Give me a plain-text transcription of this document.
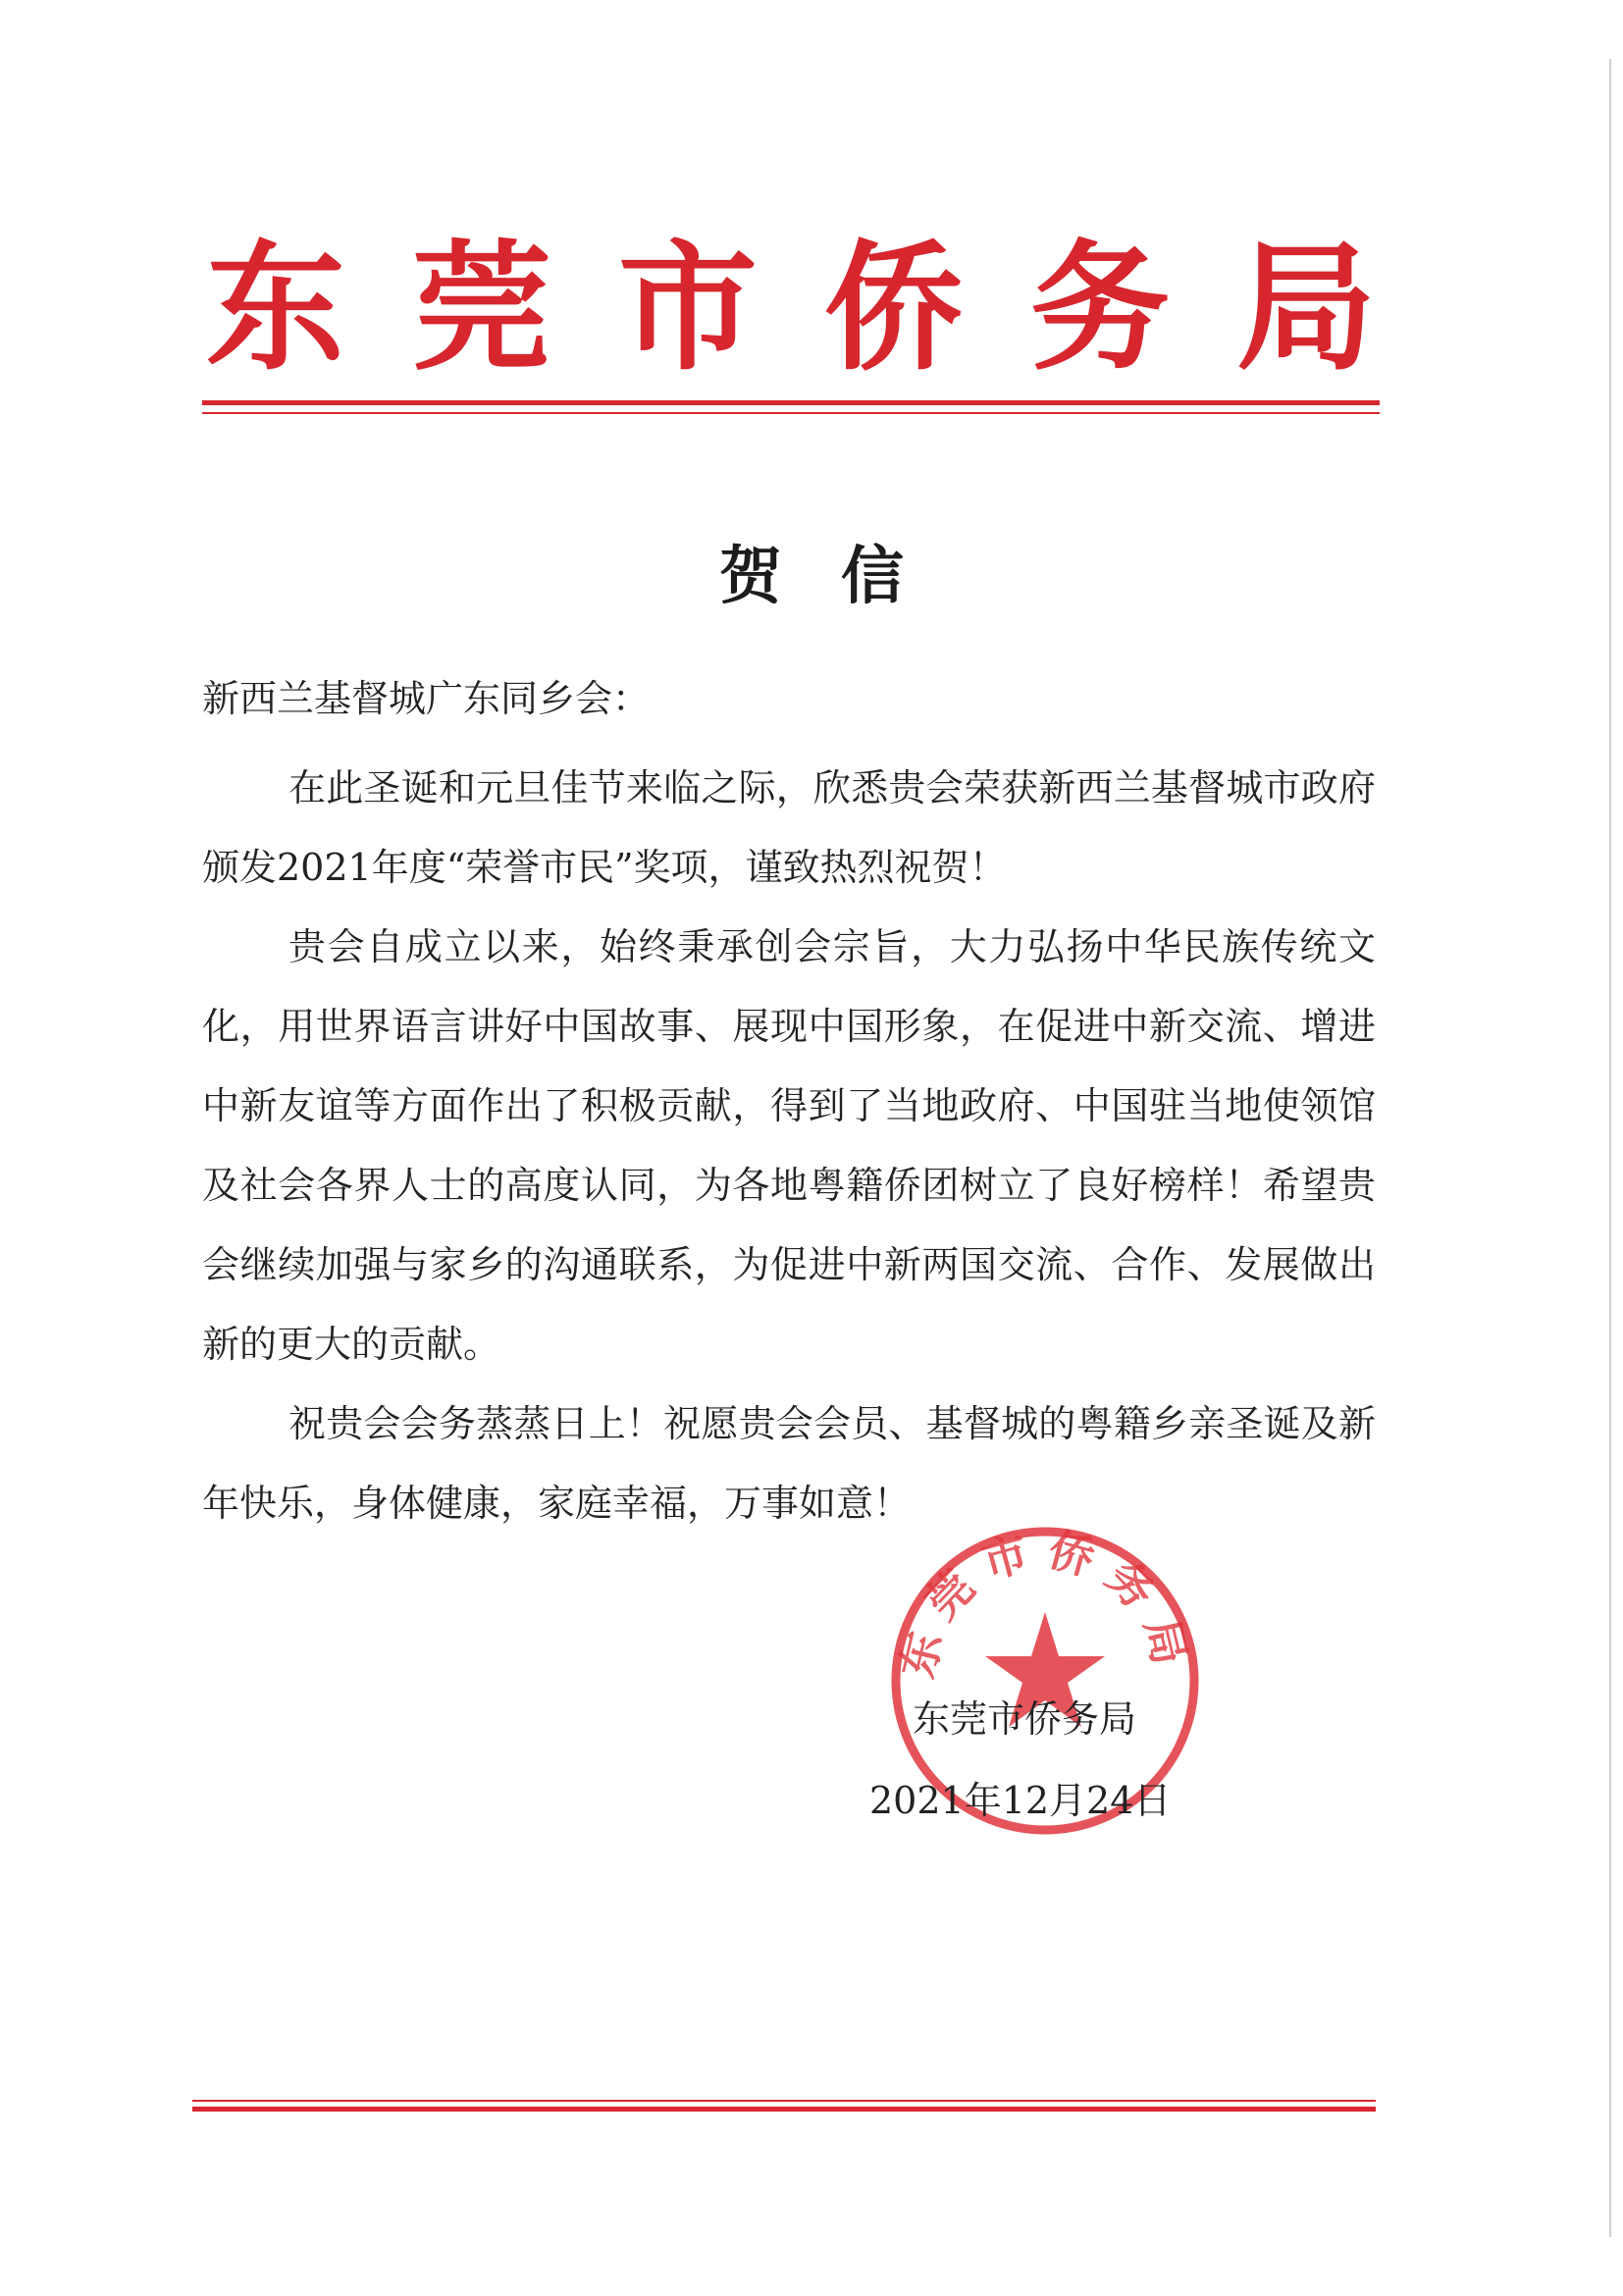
东 莞 市 侨 务 局
贺信
新西兰基督城广东同乡会：

在此圣诞和元旦佳节来临之际，欣悉贵会荣获新西兰基督城市政府颁发2021年度“荣誉市民”奖项，谨致热烈祝贺！

贵会自成立以来，始终秉承创会宗旨，大力弘扬中华民族传统文化，用世界语言讲好中国故事、展现中国形象，在促进中新交流、增进中新友谊等方面作出了积极贡献，得到了当地政府、中国驻当地使领馆及社会各界人士的高度认同，为各地粤籍侨团树立了良好榜样！希望贵会继续加强与家乡的沟通联系，为促进中新两国交流、合作、发展做出新的更大的贡献。

祝贵会会务蒸蒸日上！祝愿贵会会员、基督城的粤籍乡亲圣诞及新年快乐，身体健康，家庭幸福，万事如意！

东莞市侨务局
东莞市侨务局
2021年12月24日
